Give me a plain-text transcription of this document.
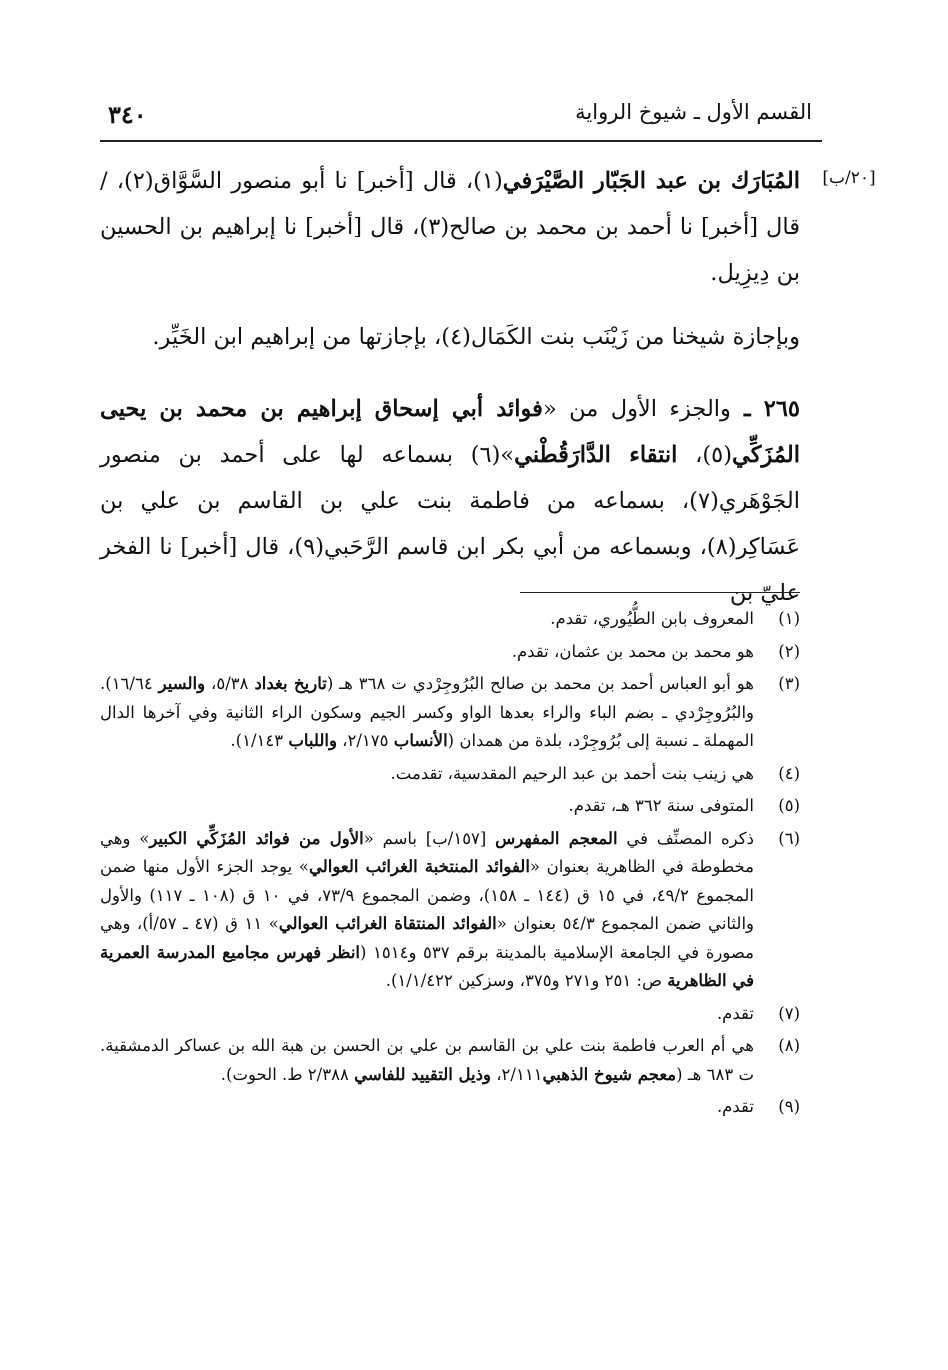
٣٤٠	القسم الأول ـ شيوخ الرواية
[٢٠/ب]

المُبَارَك بن عبد الجَبّار الصَّيْرَفي(١)، قال [أخبر] نا أبو منصور السَّوَّاق(٢)، /قال [أخبر] نا أحمد بن محمد بن صالح(٣)، قال [أخبر] نا إبراهيم بن الحسين بن دِيزِيل.

وبإجازة شيخنا من زَيْنَب بنت الكَمَال(٤)، بإجازتها من إبراهيم ابن الخَيِّر.

٢٦٥ ـ والجزء الأول من «فوائد أبي إسحاق إبراهيم بن محمد بن يحيى المُزَكِّي(٥)، انتقاء الدَّارَقُطْني»(٦) بسماعه لها على أحمد بن منصور الجَوْهَري(٧)، بسماعه من فاطمة بنت علي بن القاسم بن علي بن عَسَاكِر(٨)، وبسماعه من أبي بكر ابن قاسم الرَّحَبي(٩)، قال [أخبر] نا الفخر عليّ بن

(١)
المعروف بابن الطُّيُوري، تقدم.
(٢)
هو محمد بن محمد بن عثمان، تقدم.
(٣)
هو أبو العباس أحمد بن محمد بن صالح البُرُوجِرْدي ت ٣٦٨ هـ (تاريخ بغداد ٥/٣٨، والسير ١٦/٦٤). والبُرُوجِرْدي ـ بضم الباء والراء بعدها الواو وكسر الجيم وسكون الراء الثانية وفي آخرها الدال المهملة ـ نسبة إلى بُرُوجِرْد، بلدة من همدان (الأنساب ٢/١٧٥، واللباب ١/١٤٣).
(٤)
هي زينب بنت أحمد بن عبد الرحيم المقدسية، تقدمت.
(٥)
المتوفى سنة ٣٦٢ هـ، تقدم.
(٦)
ذكره المصنِّف في المعجم المفهرس [١٥٧/ب] باسم «الأول من فوائد المُزَكِّي الكبير» وهي مخطوطة في الظاهرية بعنوان «الفوائد المنتخبة الغرائب العوالي» يوجد الجزء الأول منها ضمن المجموع ٤٩/٢، في ١٥ ق (١٤٤ ـ ١٥٨)، وضمن المجموع ٧٣/٩، في ١٠ ق (١٠٨ ـ ١١٧) والأول والثاني ضمن المجموع ٥٤/٣ بعنوان «الفوائد المنتقاة الغرائب العوالي» ١١ ق (٤٧ ـ ٥٧/أ)، وهي مصورة في الجامعة الإسلامية بالمدينة برقم ٥٣٧ و١٥١٤ (انظر فهرس مجاميع المدرسة العمرية في الظاهرية ص: ٢٥١ و٢٧١ و٣٧٥، وسزكين ١/١/٤٢٢).
(٧)
تقدم.
(٨)
هي أم العرب فاطمة بنت علي بن القاسم بن علي بن الحسن بن هبة الله بن عساكر الدمشقية. ت ٦٨٣ هـ (معجم شيوخ الذهبي٢/١١١، وذيل التقييد للفاسي ٢/٣٨٨ ط. الحوت).
(٩)
تقدم.
